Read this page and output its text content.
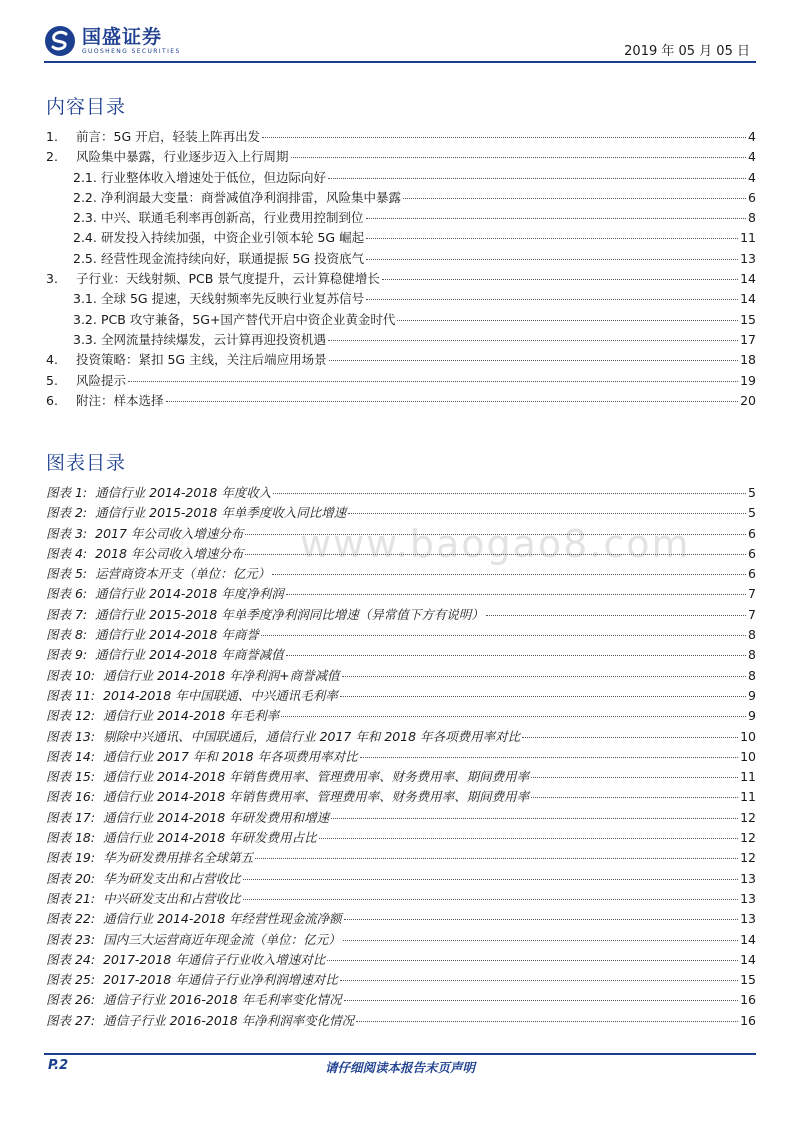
国盛证券
GUOSHENG SECURITIES	2019 年 05 月 05 日
www.baogao8.com
内容目录
1.	前言：5G 开启，轻装上阵再出发	4
2.	风险集中暴露，行业逐步迈入上行周期	4
2.1. 行业整体收入增速处于低位，但边际向好	4
2.2. 净利润最大变量：商誉减值净利润排雷，风险集中暴露	6
2.3. 中兴、联通毛利率再创新高，行业费用控制到位	8
2.4. 研发投入持续加强，中资企业引领本轮 5G 崛起	11
2.5. 经营性现金流持续向好，联通提振 5G 投资底气	13
3.	子行业：天线射频、PCB 景气度提升，云计算稳健增长	14
3.1. 全球 5G 提速，天线射频率先反映行业复苏信号	14
3.2. PCB 攻守兼备，5G+国产替代开启中资企业黄金时代	15
3.3. 全网流量持续爆发，云计算再迎投资机遇	17
4.	投资策略：紧扣 5G 主线，关注后端应用场景	18
5.	风险提示	19
6.	附注：样本选择	20
图表目录
图表 1: 通信行业 2014-2018 年度收入	5
图表 2: 通信行业 2015-2018 年单季度收入同比增速	5
图表 3: 2017 年公司收入增速分布	6
图表 4: 2018 年公司收入增速分布	6
图表 5: 运营商资本开支（单位：亿元）	6
图表 6: 通信行业 2014-2018 年度净利润	7
图表 7: 通信行业 2015-2018 年单季度净利润同比增速（异常值下方有说明）	7
图表 8: 通信行业 2014-2018 年商誉	8
图表 9: 通信行业 2014-2018 年商誉减值	8
图表 10: 通信行业 2014-2018 年净利润+商誉减值	8
图表 11: 2014-2018 年中国联通、中兴通讯毛利率	9
图表 12: 通信行业 2014-2018 年毛利率	9
图表 13: 剔除中兴通讯、中国联通后，通信行业 2017 年和 2018 年各项费用率对比	10
图表 14: 通信行业 2017 年和 2018 年各项费用率对比	10
图表 15: 通信行业 2014-2018 年销售费用率、管理费用率、财务费用率、期间费用率	11
图表 16: 通信行业 2014-2018 年销售费用率、管理费用率、财务费用率、期间费用率	11
图表 17: 通信行业 2014-2018 年研发费用和增速	12
图表 18: 通信行业 2014-2018 年研发费用占比	12
图表 19: 华为研发费用排名全球第五	12
图表 20: 华为研发支出和占营收比	13
图表 21: 中兴研发支出和占营收比	13
图表 22: 通信行业 2014-2018 年经营性现金流净额	13
图表 23: 国内三大运营商近年现金流（单位：亿元）	14
图表 24: 2017-2018 年通信子行业收入增速对比	14
图表 25: 2017-2018 年通信子行业净利润增速对比	15
图表 26: 通信子行业 2016-2018 年毛利率变化情况	16
图表 27: 通信子行业 2016-2018 年净利润率变化情况	16
P.2	请仔细阅读本报告末页声明
